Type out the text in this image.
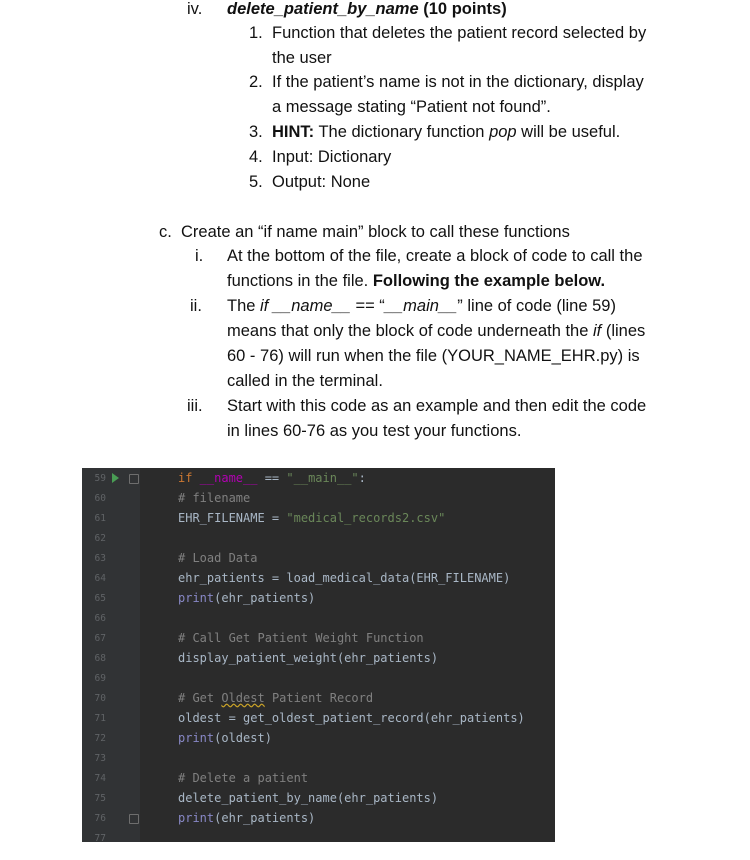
iv. delete_patient_by_name (10 points)
1. Function that deletes the patient record selected by
the user
2. If the patient’s name is not in the dictionary, display
a message stating “Patient not found”.
3. HINT: The dictionary function pop will be useful.
4. Input: Dictionary
5. Output: None
c. Create an “if name main” block to call these functions
i. At the bottom of the file, create a block of code to call the
functions in the file. Following the example below.
ii. The if __name__ == “__main__” line of code (line 59)
means that only the block of code underneath the if (lines
60 - 76) will run when the file (YOUR_NAME_EHR.py) is
called in the terminal.
iii. Start with this code as an example and then edit the code
in lines 60-76 as you test your functions.
59
60
61
62
63
64
65
66
67
68
69
70
71
72
73
74
75
76
77
if __name__ == "__main__":
# filename
EHR_FILENAME = "medical_records2.csv"
# Load Data
ehr_patients = load_medical_data(EHR_FILENAME)
print(ehr_patients)
# Call Get Patient Weight Function
display_patient_weight(ehr_patients)
# Get Oldest Patient Record
oldest = get_oldest_patient_record(ehr_patients)
print(oldest)
# Delete a patient
delete_patient_by_name(ehr_patients)
print(ehr_patients)
